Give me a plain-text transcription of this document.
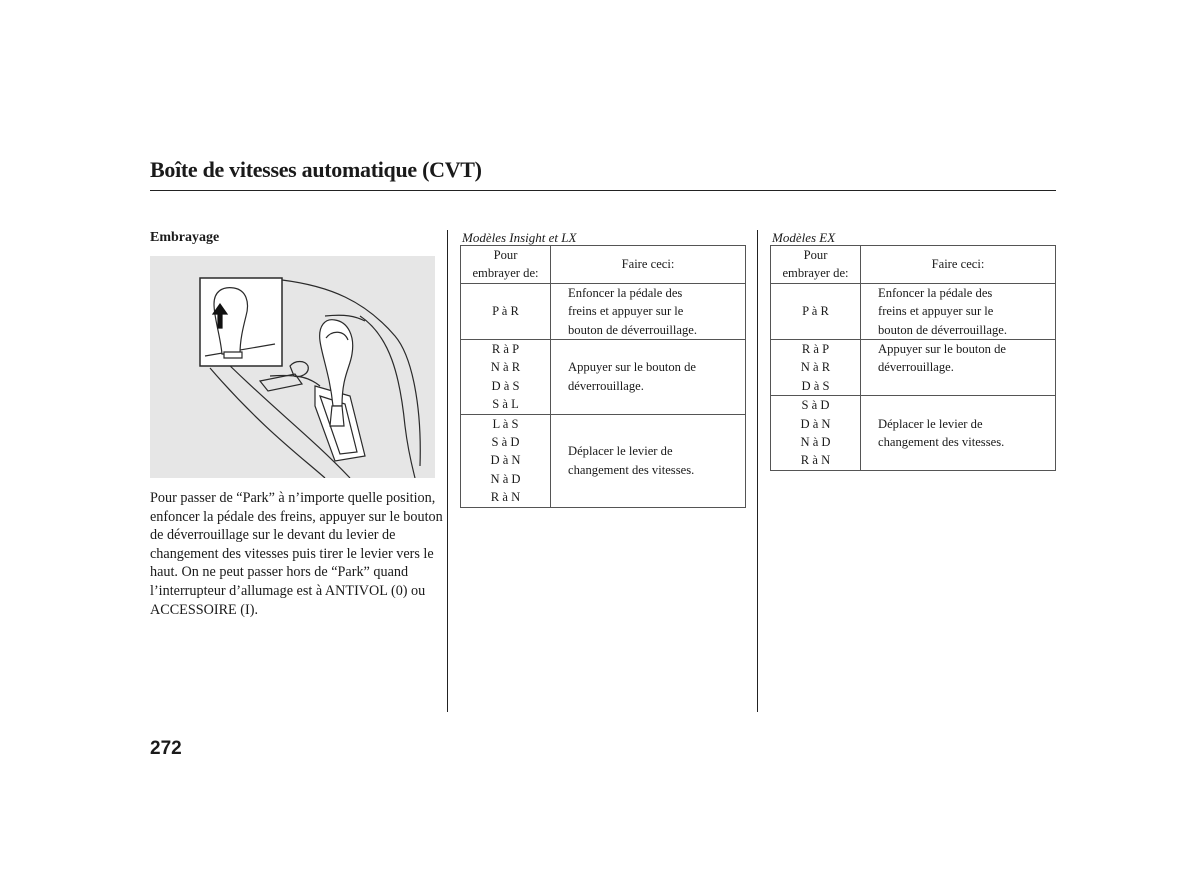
Boîte de vitesses automatique (CVT)
Embrayage
Pour passer de “Park” à n’importe quelle position, enfoncer la pédale des freins, appuyer sur le bouton de déverrouillage sur le devant du levier de changement des vitesses puis tirer le levier vers le haut. On ne peut passer hors de “Park” quand l’interrupteur d’allumage est à ANTIVOL (0) ou ACCESSOIRE (I).
Modèles Insight et LX
Pour
embrayer de:	Faire ceci:

P à R	Enfoncer la pédale des
freins et appuyer sur le
bouton de déverrouillage.

R à P
N à R
D à S
S à L	Appuyer sur le bouton de
déverrouillage.

L à S
S à D
D à N
N à D
R à N	Déplacer le levier de
changement des vitesses.
Modèles EX
Pour
embrayer de:	Faire ceci:

P à R	Enfoncer la pédale des
freins et appuyer sur le
bouton de déverrouillage.

R à P
N à R
D à S	Appuyer sur le bouton de
déverrouillage.

S à D
D à N
N à D
R à N	Déplacer le levier de
changement des vitesses.
272
